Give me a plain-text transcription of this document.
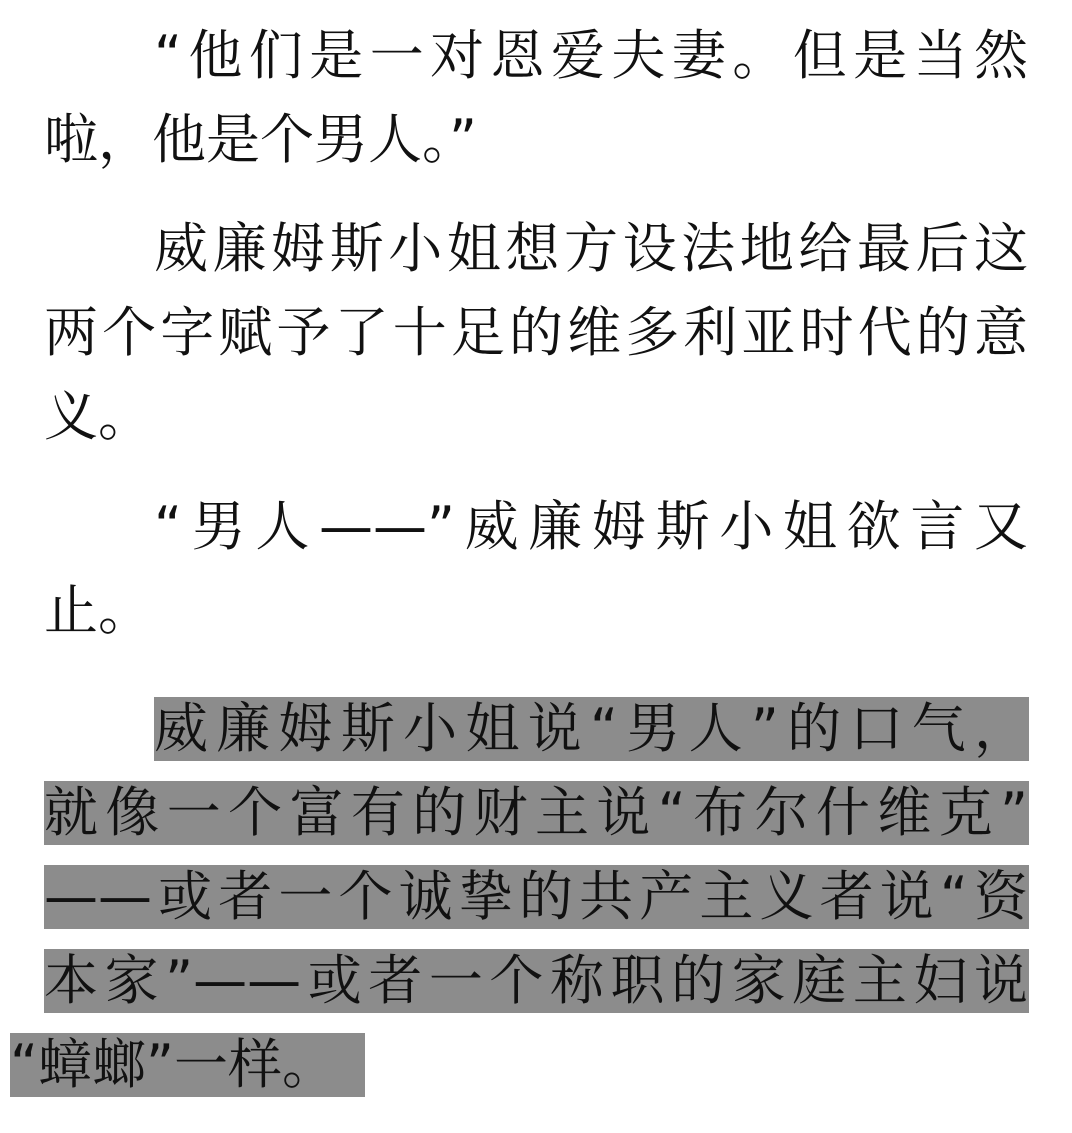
“他们是一对恩爱夫妻。但是当然
啦，他是个男人。”
威廉姆斯小姐想方设法地给最后这
两个字赋予了十足的维多利亚时代的意
义。
“男人——”威廉姆斯小姐欲言又
止。
威廉姆斯小姐说“男人”的口气，
就像一个富有的财主说“布尔什维克”
——或者一个诚挚的共产主义者说“资
本家”——或者一个称职的家庭主妇说
“蟑螂”一样。
